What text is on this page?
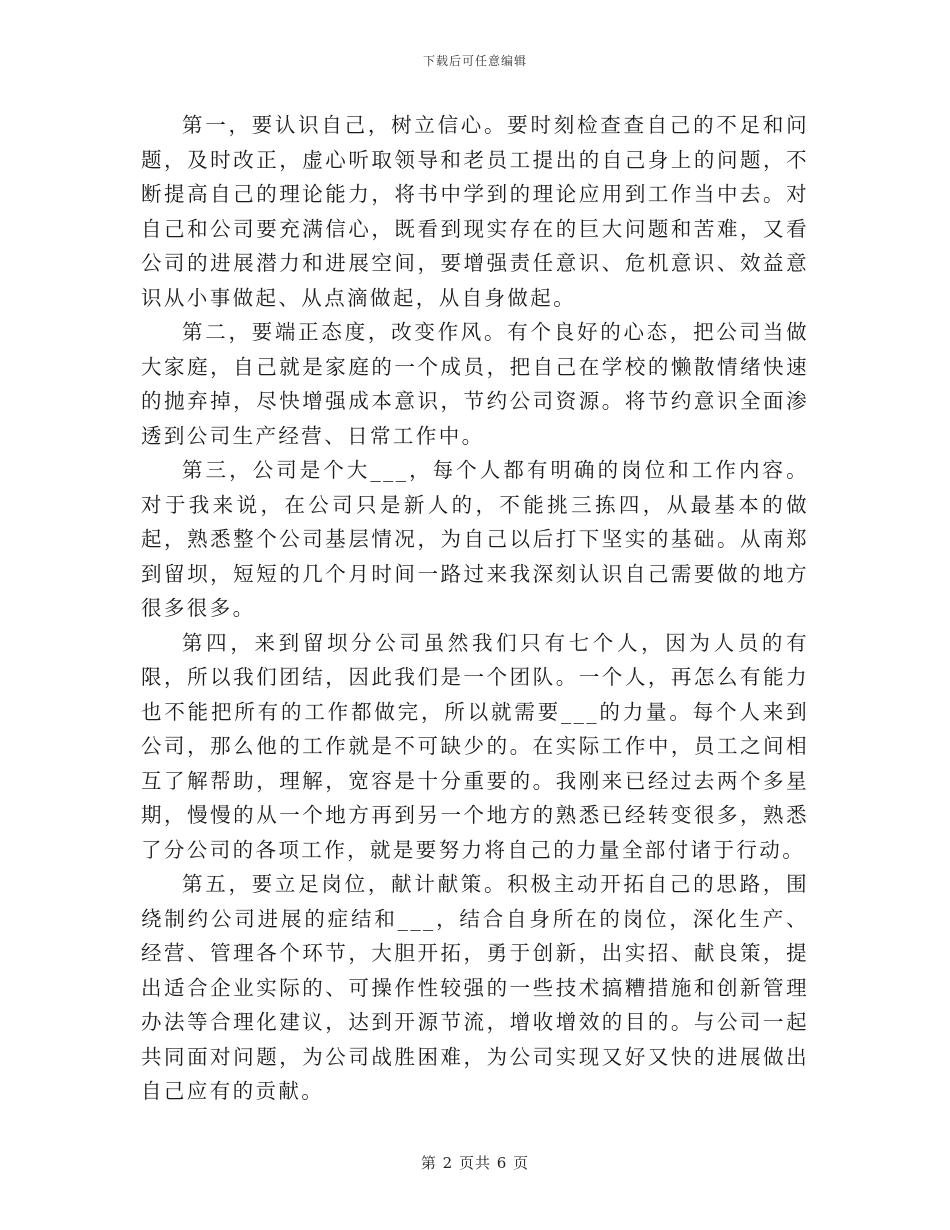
下载后可任意编辑

第一，要认识自己，树立信心。要时刻检查查自己的不足和问题，及时改正，虚心听取领导和老员工提出的自己身上的问题，不断提高自己的理论能力，将书中学到的理论应用到工作当中去。对自己和公司要充满信心，既看到现实存在的巨大问题和苦难，又看公司的进展潜力和进展空间，要增强责任意识、危机意识、效益意识从小事做起、从点滴做起，从自身做起。

第二，要端正态度，改变作风。有个良好的心态，把公司当做大家庭，自己就是家庭的一个成员，把自己在学校的懒散情绪快速的抛弃掉，尽快增强成本意识，节约公司资源。将节约意识全面渗透到公司生产经营、日常工作中。

第三，公司是个大___，每个人都有明确的岗位和工作内容。对于我来说，在公司只是新人的，不能挑三拣四，从最基本的做起，熟悉整个公司基层情况，为自己以后打下坚实的基础。从南郑到留坝，短短的几个月时间一路过来我深刻认识自己需要做的地方很多很多。

第四，来到留坝分公司虽然我们只有七个人，因为人员的有限，所以我们团结，因此我们是一个团队。一个人，再怎么有能力也不能把所有的工作都做完，所以就需要___的力量。每个人来到公司，那么他的工作就是不可缺少的。在实际工作中，员工之间相互了解帮助，理解，宽容是十分重要的。我刚来已经过去两个多星期，慢慢的从一个地方再到另一个地方的熟悉已经转变很多，熟悉了分公司的各项工作，就是要努力将自己的力量全部付诸于行动。

第五，要立足岗位，献计献策。积极主动开拓自己的思路，围绕制约公司进展的症结和___，结合自身所在的岗位，深化生产、经营、管理各个环节，大胆开拓，勇于创新，出实招、献良策，提出适合企业实际的、可操作性较强的一些技术搞糟措施和创新管理办法等合理化建议，达到开源节流，增收增效的目的。与公司一起共同面对问题，为公司战胜困难，为公司实现又好又快的进展做出自己应有的贡献。

第 2 页共 6 页
